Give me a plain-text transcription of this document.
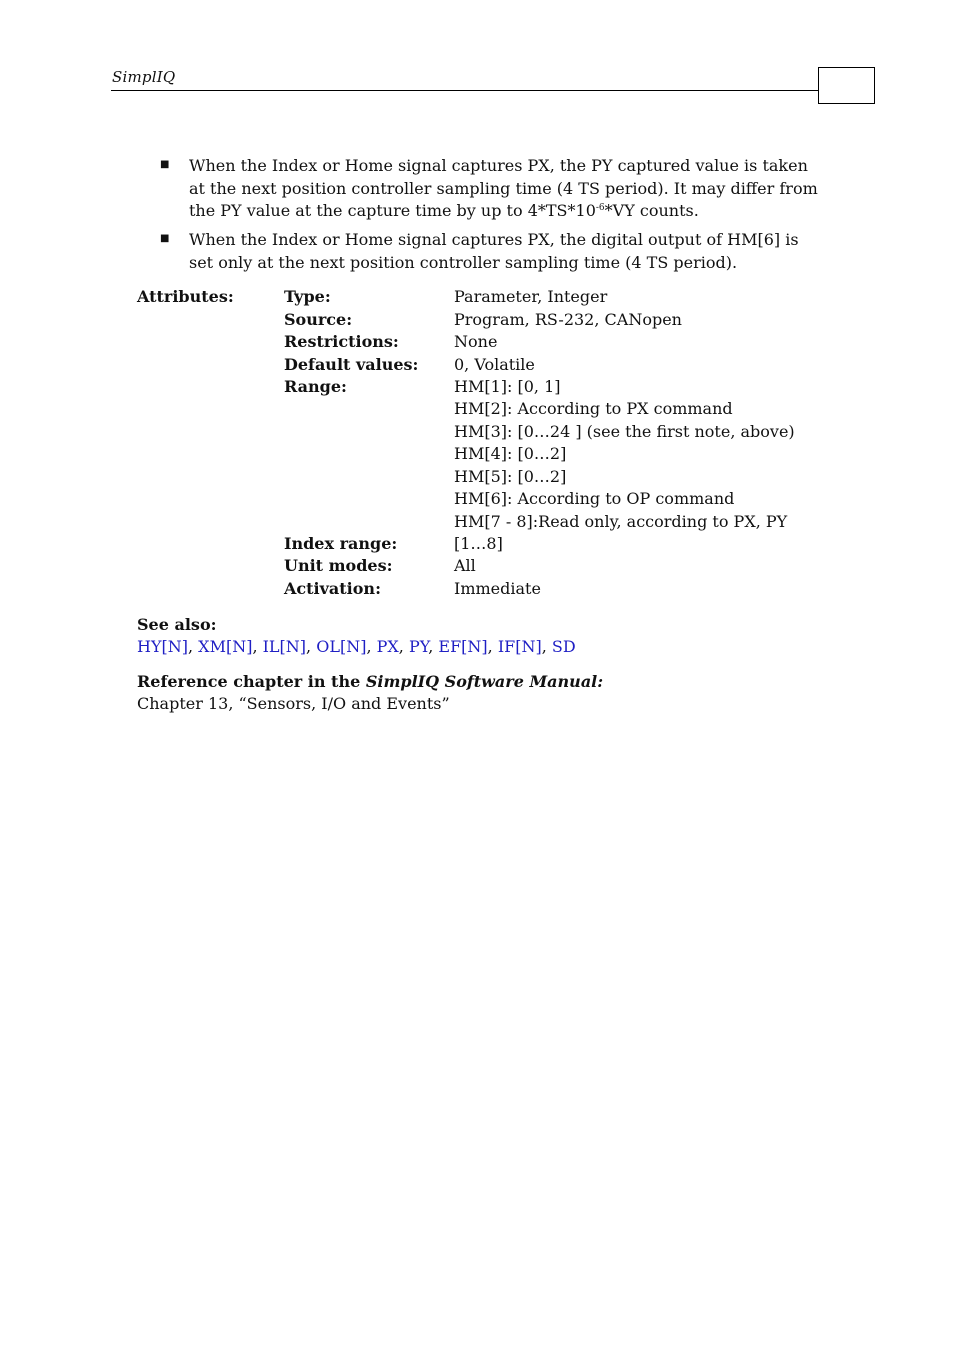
SimplIQ
■ When the Index or Home signal captures PX, the PY captured value is taken at the next position controller sampling time (4 TS period). It may differ from the PY value at the capture time by up to $4*TS*10^{-6}*VY$ counts.
■ When the Index or Home signal captures PX, the digital output of HM[6] is set only at the next position controller sampling time (4 TS period).
Attributes:	Type:	Parameter, Integer
Source:	Program, RS-232, CANopen
Restrictions:	None
Default values: 0, Volatile
Range:	HM[1]: [0, 1]
HM[2]: According to PX command
HM[3]: [0…24 ] (see the first note, above)
HM[4]: [0…2]
HM[5]: [0…2]
HM[6]: According to OP command
HM[7 - 8]:Read only, according to PX, PY
Index range:	[1…8]
Unit modes:	All
Activation:	Immediate
See also:
HY[N], XM[N], IL[N], OL[N], PX, PY, EF[N], IF[N], SD
Reference chapter in the SimplIQ Software Manual:
Chapter 13, “Sensors, I/O and Events”
